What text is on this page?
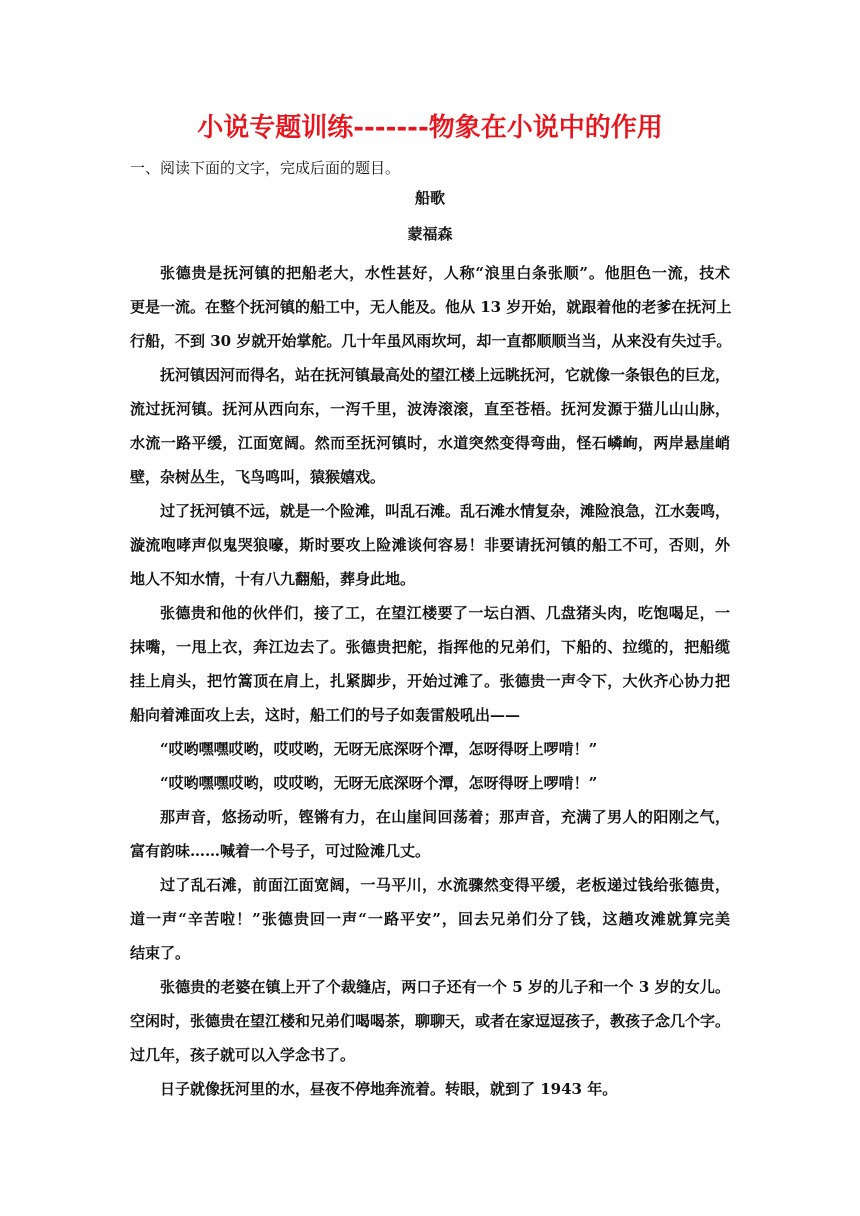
小说专题训练-------物象在小说中的作用
一、阅读下面的文字，完成后面的题目。
船歌
蒙福森

张德贵是抚河镇的把船老大，水性甚好，人称“浪里白条张顺”。他胆色一流，技术
更是一流。在整个抚河镇的船工中，无人能及。他从 13 岁开始，就跟着他的老爹在抚河上
行船，不到 30 岁就开始掌舵。几十年虽风雨坎坷，却一直都顺顺当当，从来没有失过手。

抚河镇因河而得名，站在抚河镇最高处的望江楼上远眺抚河，它就像一条银色的巨龙，
流过抚河镇。抚河从西向东，一泻千里，波涛滚滚，直至苍梧。抚河发源于猫儿山山脉，
水流一路平缓，江面宽阔。然而至抚河镇时，水道突然变得弯曲，怪石嶙峋，两岸悬崖峭
壁，杂树丛生，飞鸟鸣叫，猿猴嬉戏。

过了抚河镇不远，就是一个险滩，叫乱石滩。乱石滩水情复杂，滩险浪急，江水轰鸣，
漩流咆哮声似鬼哭狼嚎，斯时要攻上险滩谈何容易！非要请抚河镇的船工不可，否则，外
地人不知水情，十有八九翻船，葬身此地。

张德贵和他的伙伴们，接了工，在望江楼要了一坛白酒、几盘猪头肉，吃饱喝足，一
抹嘴，一甩上衣，奔江边去了。张德贵把舵，指挥他的兄弟们，下船的、拉缆的，把船缆
挂上肩头，把竹篙顶在肩上，扎紧脚步，开始过滩了。张德贵一声令下，大伙齐心协力把
船向着滩面攻上去，这时，船工们的号子如轰雷般吼出——

“哎哟嘿嘿哎哟，哎哎哟，无呀无底深呀个潭，怎呀得呀上啰啃！”

“哎哟嘿嘿哎哟，哎哎哟，无呀无底深呀个潭，怎呀得呀上啰啃！”

那声音，悠扬动听，铿锵有力，在山崖间回荡着；那声音，充满了男人的阳刚之气，
富有韵味……喊着一个号子，可过险滩几丈。

过了乱石滩，前面江面宽阔，一马平川，水流骤然变得平缓，老板递过钱给张德贵，
道一声“辛苦啦！”张德贵回一声“一路平安”，回去兄弟们分了钱，这趟攻滩就算完美
结束了。

张德贵的老婆在镇上开了个裁缝店，两口子还有一个 5 岁的儿子和一个 3 岁的女儿。
空闲时，张德贵在望江楼和兄弟们喝喝茶，聊聊天，或者在家逗逗孩子，教孩子念几个字。
过几年，孩子就可以入学念书了。

日子就像抚河里的水，昼夜不停地奔流着。转眼，就到了 1943 年。
